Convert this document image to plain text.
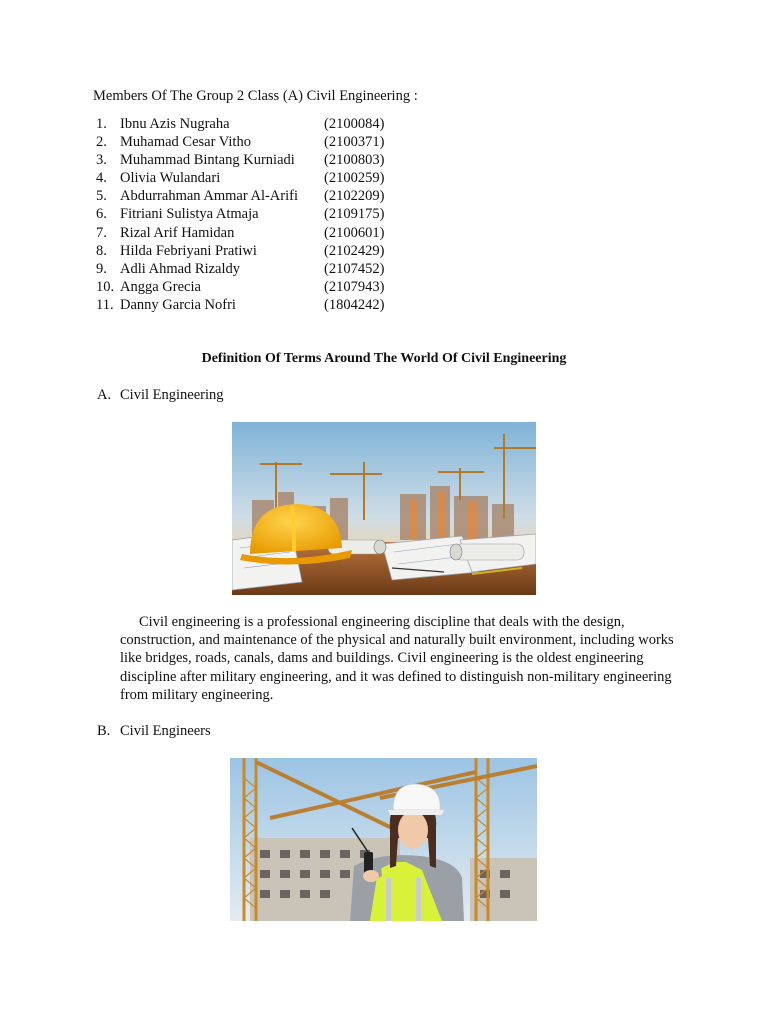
Members Of The Group 2 Class (A) Civil Engineering :
1. Ibnu Azis Nugraha	(2100084)
2. Muhamad Cesar Vitho	(2100371)
3. Muhammad Bintang Kurniadi (2100803)
4. Olivia Wulandari	(2100259)
5. Abdurrahman Ammar Al-Arifi (2102209)
6. Fitriani Sulistya Atmaja	(2109175)
7. Rizal Arif Hamidan	(2100601)
8. Hilda Febriyani Pratiwi	(2102429)
9. Adli Ahmad Rizaldy	(2107452)
10. Angga Grecia	(2107943)
11. Danny Garcia Nofri	(1804242)
Definition Of Terms Around The World Of Civil Engineering
A. Civil Engineering

Civil engineering is a professional engineering discipline that deals with the design, construction, and maintenance of the physical and naturally built environment, including works like bridges, roads, canals, dams and buildings. Civil engineering is the oldest engineering discipline after military engineering, and it was defined to distinguish non-military engineering from military engineering.

B. Civil Engineers
